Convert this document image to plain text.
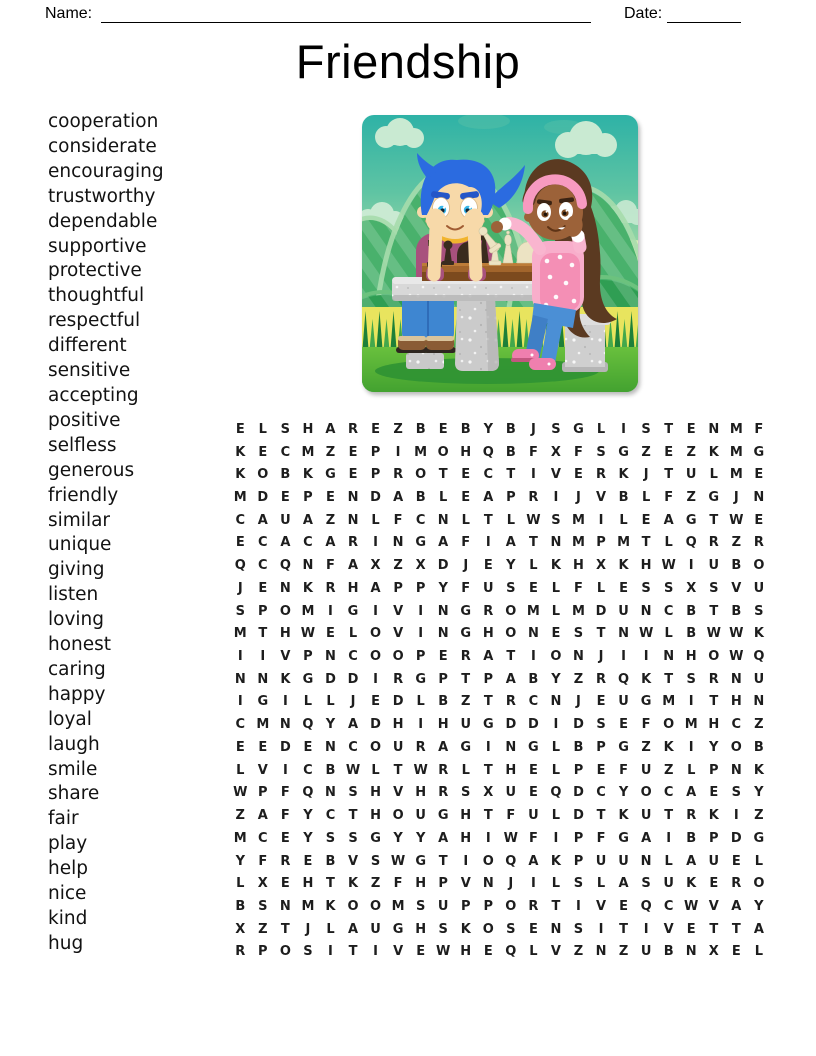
Name:	Date:
Friendship
cooperation
considerate
encouraging
trustworthy
dependable
supportive
protective
thoughtful
respectful
different
sensitive
accepting
positive
selfless
generous
friendly
similar
unique
giving
listen
loving
honest
caring
happy
loyal
laugh
smile
share
fair
play
help
nice
kind
hug
E	L	S H A R	E	Z B	E	B Y B	J	S G	L	I	S	T	E N M F
K	E	C M Z	E	P	I	M O H Q B	F	X	F	S G Z	E	Z K M G
K O B K G E	P R O T	E	C	T	I	V	E	R K	J	T U	L M E
M D E	P	E N D A B	L	E	A P R	I	J	V B	L	F	Z G	J	N
C A U A Z N L	F	C N L	T	L W S M	I	L	E	A G T W E
E	C A C A R	I	N G A	F	I	A	T N M P M T	L Q R Z R
Q C Q N F	A X Z X D	J	E	Y	L	K H X K H W I	U B O
J	E N K R H A P	P	Y	F U S	E	L	F	L	E	S	S X S V U
S	P O M	I	G	I	V	I	N G R O M L M D U N C B	T	B S
M T H W E	L O V	I	N G H O N E	S	T N W L	B W W K
I	I	V P N C O O P	E	R A	T	I	O N	J	I	I	N H O W Q
N N K G D D	I	R G P	T	P A B Y	Z R Q K	T	S R N U
I	G	I	L	L	J	E D	L	B Z	T	R C N	J	E U G M	I	T H N
C M N Q Y A D H	I	H U G D D	I	D S	E	F O M H C	Z
E	E D E N C O U R A G	I	N G	L	B P G Z K	I	Y O B
L	V	I	C B W L	T W R	L	T H E	L	P	E	F U Z	L	P N K
W P	F Q N S H V H R S X U E Q D C	Y O C A	E	S	Y
Z A	F	Y	C	T H O U G H T	F U	L	D T	K U T	R K	I	Z
M C	E	Y	S	S G Y	Y A H	I W F	I	P	F G A	I	B P D G
Y	F	R	E	B V S W G T	I	O Q A K P U U N L	A U E	L
L	X	E H T	K Z	F H P V N	J	I	L	S	L	A S U K	E	R O
B S N M K O O M S U P	P O R	T	I	V	E Q C W V A Y
X Z	T	J	L	A U G H S K O S	E N S	I	T	I	V	E	T	T	A
R P O S	I	T	I	V	E W H E Q L	V Z N Z U B N X	E	L
